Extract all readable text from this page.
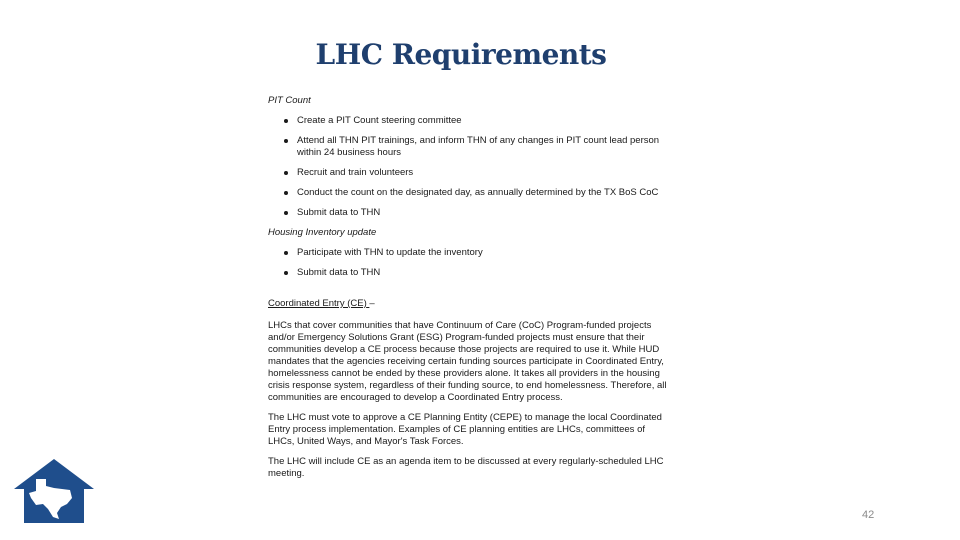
LHC Requirements
PIT Count
Create a PIT Count steering committee
Attend all THN PIT trainings, and inform THN of any changes in PIT count lead person within 24 business hours
Recruit and train volunteers
Conduct the count on the designated day, as annually determined by the TX BoS CoC
Submit data to THN
Housing Inventory update
Participate with THN to update the inventory
Submit data to THN
Coordinated Entry (CE) –

LHCs that cover communities that have Continuum of Care (CoC) Program-funded projects and/or Emergency Solutions Grant (ESG) Program-funded projects must ensure that their communities develop a CE process because those projects are required to use it. While HUD mandates that the agencies receiving certain funding sources participate in Coordinated Entry, homelessness cannot be ended by these providers alone. It takes all providers in the housing crisis response system, regardless of their funding source, to end homelessness. Therefore, all communities are encouraged to develop a Coordinated Entry process.

The LHC must vote to approve a CE Planning Entity (CEPE) to manage the local Coordinated Entry process implementation. Examples of CE planning entities are LHCs, committees of LHCs, United Ways, and Mayor's Task Forces.

The LHC will include CE as an agenda item to be discussed at every regularly-scheduled LHC meeting.

42
